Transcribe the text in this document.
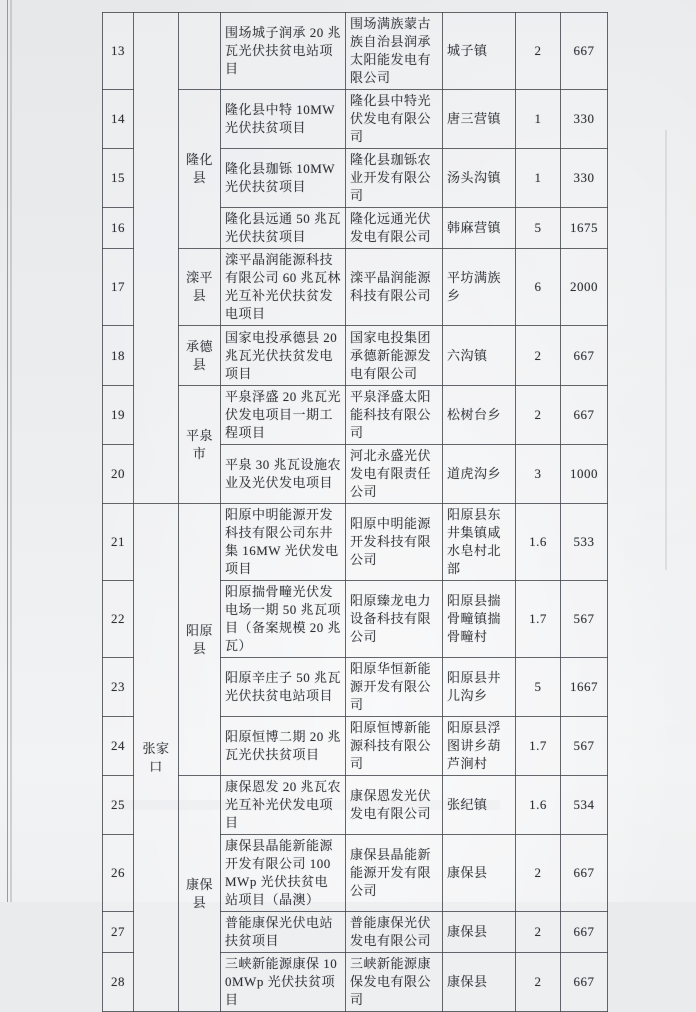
13			围场城子润承 20 兆瓦光伏扶贫电站项目	围场满族蒙古族自治县润承太阳能发电有限公司	城子镇	2	667
14		隆化县	隆化县中特 10MW 光伏扶贫项目	隆化县中特光伏发电有限公司	唐三营镇	1	330
15			隆化县珈铄 10MW 光伏扶贫项目	隆化县珈铄农业开发有限公司	汤头沟镇	1	330
16			隆化县远通 50 兆瓦光伏扶贫项目	隆化远通光伏发电有限公司	韩麻营镇	5	1675
17		滦平县	滦平晶润能源科技有限公司 60 兆瓦林光互补光伏扶贫发电项目	滦平晶润能源科技有限公司	平坊满族乡	6	2000
18		承德县	国家电投承德县 20 兆瓦光伏扶贫发电项目	国家电投集团承德新能源发电有限公司	六沟镇	2	667
19		平泉市	平泉泽盛 20 兆瓦光伏发电项目一期工程项目	平泉泽盛太阳能科技有限公司	松树台乡	2	667
20			平泉 30 兆瓦设施农业及光伏发电项目	河北永盛光伏发电有限责任公司	道虎沟乡	3	1000
21	张家口	阳原县	阳原中明能源开发科技有限公司东井集 16MW 光伏发电项目	阳原中明能源开发科技有限公司	阳原县东井集镇咸水皂村北部	1.6	533
22			阳原揣骨疃光伏发电场一期 50 兆瓦项目（备案规模 20 兆瓦）	阳原臻龙电力设备科技有限公司	阳原县揣骨疃镇揣骨疃村	1.7	567
23			阳原辛庄子 50 兆瓦光伏扶贫电站项目	阳原华恒新能源开发有限公司	阳原县井儿沟乡	5	1667
24			阳原恒博二期 20 兆瓦光伏扶贫项目	阳原恒博新能源科技有限公司	阳原县浮图讲乡葫芦涧村	1.7	567
25		康保县	康保恩发 20 兆瓦农光互补光伏发电项目	康保恩发光伏发电有限公司	张纪镇	1.6	534
26			康保县晶能新能源开发有限公司 100MWp 光伏扶贫电站项目（晶澳）	康保县晶能新能源开发有限公司	康保县	2	667
27			普能康保光伏电站扶贫项目	普能康保光伏发电有限公司	康保县	2	667
28			三峡新能源康保 100MWp 光伏扶贫项目	三峡新能源康保发电有限公司	康保县	2	667
